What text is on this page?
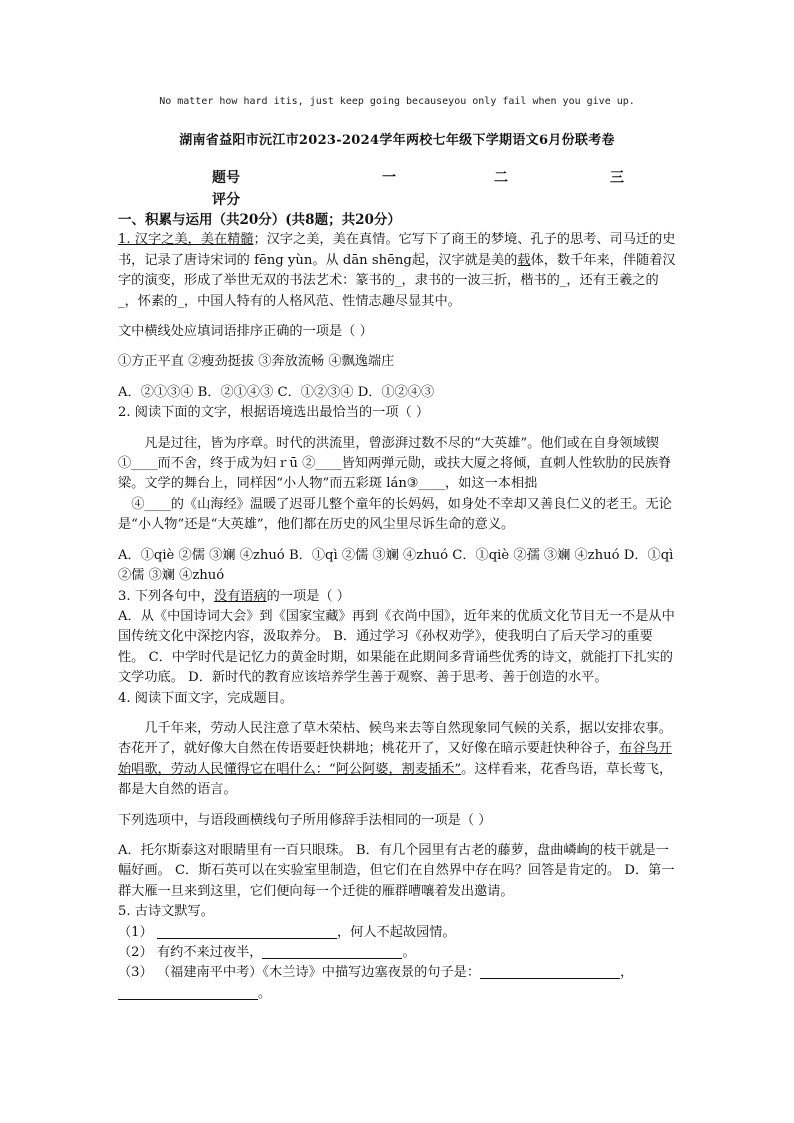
No matter how hard itis, just keep going becauseyou only fail when you give up.
湖南省益阳市沅江市2023-2024学年两校七年级下学期语文6月份联考卷
题号	一	二	三
评分

一、积累与运用（共20分）(共8题；共20分）

1. 汉字之美，美在精髓；汉字之美，美在真情。它写下了商王的梦境、孔子的思考、司马迁的史书，记录了唐诗宋词的 fēng yùn。从 dān shēng起，汉字就是美的载体，数千年来，伴随着汉字的演变，形成了举世无双的书法艺术：篆书的_，隶书的一波三折，楷书的_，还有王羲之的_，怀素的_，中国人特有的人格风范、性情志趣尽显其中。

文中横线处应填词语排序正确的一项是（ ）

①方正平直 ②瘦劲挺拔 ③奔放流畅 ④飘逸端庄

A．②①③④ B．②①④③ C．①②③④ D．①②④③

2. 阅读下面的文字，根据语境选出最恰当的一项（ ）

凡是过往，皆为序章。时代的洪流里，曾澎湃过数不尽的“大英雄”。他们或在自身领域锲①____而不舍，终于成为妇ｒū ②____皆知两弹元勋，或扶大厦之将倾，直刺人性软肋的民族脊梁。文学的舞台上，同样因“小人物”而五彩斑 lán③____，如这一本相拙
 ④____的《山海经》温暖了迟哥儿整个童年的长妈妈，如身处不幸却又善良仁义的老王。无论是“小人物”还是“大英雄”，他们都在历史的风尘里尽诉生命的意义。

A．①qiè ②儒 ③斓 ④zhuó B．①qì ②儒 ③斓 ④zhuó C．①qiè ②孺 ③斓 ④zhuó D．①qì ②儒 ③斓 ④zhuó

3. 下列各句中，没有语病的一项是（ ）

A．从《中国诗词大会》到《国家宝藏》再到《衣尚中国》，近年来的优质文化节目无一不是从中国传统文化中深挖内容，汲取养分。 B．通过学习《孙权劝学》，使我明白了后天学习的重要性。 C．中学时代是记忆力的黄金时期，如果能在此期间多背诵些优秀的诗文，就能打下扎实的文学功底。 D．新时代的教育应该培养学生善于观察、善于思考、善于创造的水平。

4. 阅读下面文字，完成题目。

几千年来，劳动人民注意了草木荣枯、候鸟来去等自然现象同气候的关系，据以安排农事。杏花开了，就好像大自然在传语要赶快耕地；桃花开了，又好像在暗示要赶快种谷子，布谷鸟开始唱歌，劳动人民懂得它在唱什么：“阿公阿婆，割麦插禾”。这样看来，花香鸟语，草长莺飞，都是大自然的语言。

下列选项中，与语段画横线句子所用修辞手法相同的一项是（ ）

A．托尔斯泰这对眼睛里有一百只眼珠。 B．有几个园里有古老的藤萝，盘曲嶙峋的枝干就是一幅好画。 C．斯石英可以在实验室里制造，但它们在自然界中存在吗？回答是肯定的。 D．第一群大雁一旦来到这里，它们便向每一个迁徙的雁群嘈嚷着发出邀请。

5. 古诗文默写。

（1）	，何人不起故园情。

（2） 有约不来过夜半，	。

（3） （福建南平中考）《木兰诗》中描写边塞夜景的句子是：	，

。
